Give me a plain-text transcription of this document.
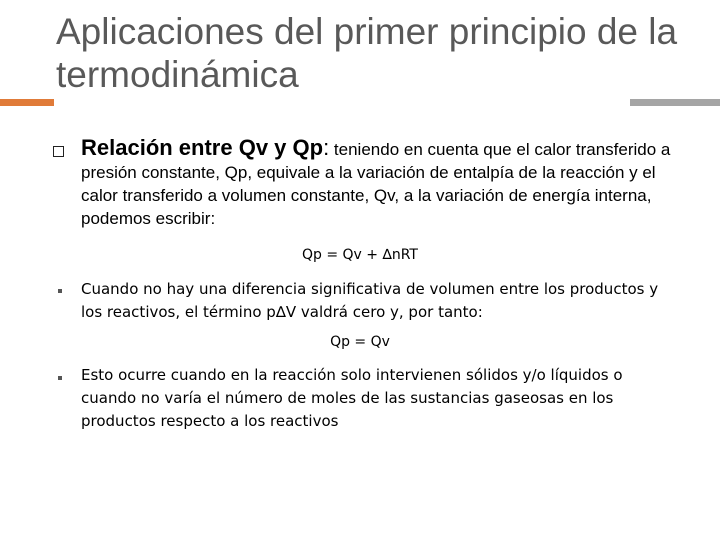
Aplicaciones del primer principio de la termodinámica
Relación entre Qv y Qp: teniendo en cuenta que el calor transferido a presión constante, Qp, equivale a la variación de entalpía de la reacción y el calor transferido a volumen constante, Qv, a la variación de energía interna, podemos escribir:
Qp = Qv + ∆nRT
Cuando no hay una diferencia significativa de volumen entre los productos y los reactivos, el término p∆V valdrá cero y, por tanto:
Qp = Qv
Esto ocurre cuando en la reacción solo intervienen sólidos y/o líquidos o cuando no varía el número de moles de las sustancias gaseosas en los productos respecto a los reactivos
